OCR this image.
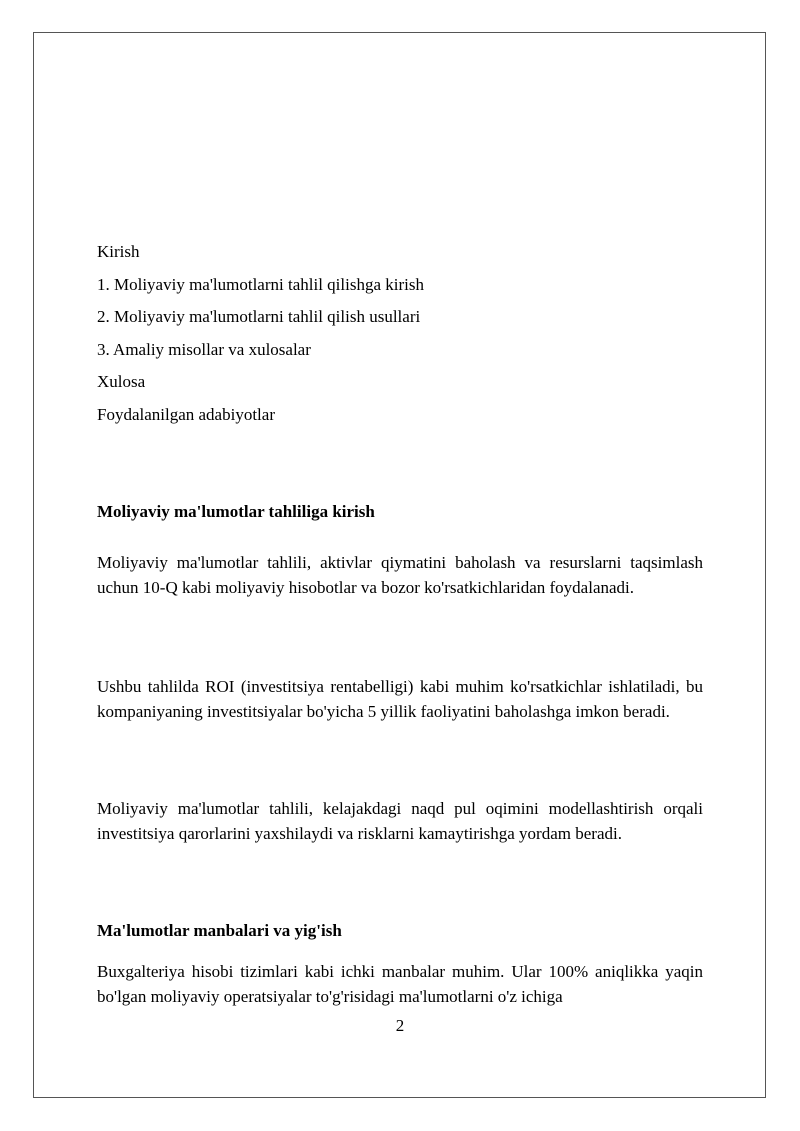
Kirish
1. Moliyaviy ma'lumotlarni tahlil qilishga kirish
2. Moliyaviy ma'lumotlarni tahlil qilish usullari
3. Amaliy misollar va xulosalar
Xulosa
Foydalanilgan adabiyotlar
Moliyaviy ma'lumotlar tahliliga kirish

Moliyaviy ma'lumotlar tahlili, aktivlar qiymatini baholash va resurslarni taqsimlash uchun 10-Q kabi moliyaviy hisobotlar va bozor ko'rsatkichlaridan foydalanadi.

Ushbu tahlilda ROI (investitsiya rentabelligi) kabi muhim ko'rsatkichlar ishlatiladi, bu kompaniyaning investitsiyalar bo'yicha 5 yillik faoliyatini baholashga imkon beradi.

Moliyaviy ma'lumotlar tahlili, kelajakdagi naqd pul oqimini modellashtirish orqali investitsiya qarorlarini yaxshilaydi va risklarni kamaytirishga yordam beradi.

Ma'lumotlar manbalari va yig'ish

Buxgalteriya hisobi tizimlari kabi ichki manbalar muhim. Ular 100% aniqlikka yaqin bo'lgan moliyaviy operatsiyalar to'g'risidagi ma'lumotlarni o'z ichiga

2
